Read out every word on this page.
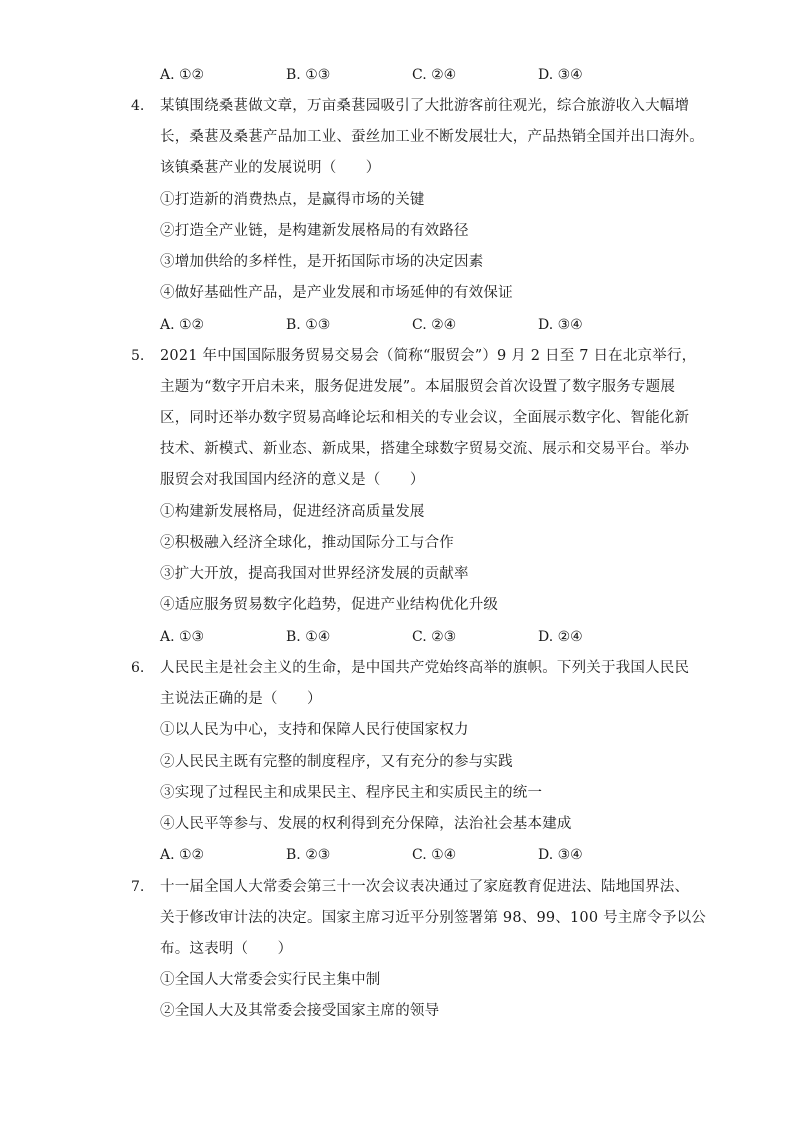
A. ①②	B. ①③	C. ②④	D. ③④
4. 某镇围绕桑葚做文章，万亩桑葚园吸引了大批游客前往观光，综合旅游收入大幅增
长，桑葚及桑葚产品加工业、蚕丝加工业不断发展壮大，产品热销全国并出口海外。
该镇桑葚产业的发展说明（　　）
①打造新的消费热点，是赢得市场的关键
②打造全产业链，是构建新发展格局的有效路径
③增加供给的多样性，是开拓国际市场的决定因素
④做好基础性产品，是产业发展和市场延伸的有效保证
A. ①②	B. ①③	C. ②④	D. ③④
5. 2021 年中国国际服务贸易交易会（简称“服贸会”）9 月 2 日至 7 日在北京举行，
主题为“数字开启未来，服务促进发展”。本届服贸会首次设置了数字服务专题展
区，同时还举办数字贸易高峰论坛和相关的专业会议，全面展示数字化、智能化新
技术、新模式、新业态、新成果，搭建全球数字贸易交流、展示和交易平台。举办
服贸会对我国国内经济的意义是（　　）
①构建新发展格局，促进经济高质量发展
②积极融入经济全球化，推动国际分工与合作
③扩大开放，提高我国对世界经济发展的贡献率
④适应服务贸易数字化趋势，促进产业结构优化升级
A. ①③	B. ①④	C. ②③	D. ②④
6. 人民民主是社会主义的生命，是中国共产党始终高举的旗帜。下列关于我国人民民
主说法正确的是（　　）
①以人民为中心，支持和保障人民行使国家权力
②人民民主既有完整的制度程序，又有充分的参与实践
③实现了过程民主和成果民主、程序民主和实质民主的统一
④人民平等参与、发展的权利得到充分保障，法治社会基本建成
A. ①②	B. ②③	C. ①④	D. ③④
7. 十一届全国人大常委会第三十一次会议表决通过了家庭教育促进法、陆地国界法、
关于修改审计法的决定。国家主席习近平分别签署第 98、99、100 号主席令予以公
布。这表明（　　）
①全国人大常委会实行民主集中制
②全国人大及其常委会接受国家主席的领导
